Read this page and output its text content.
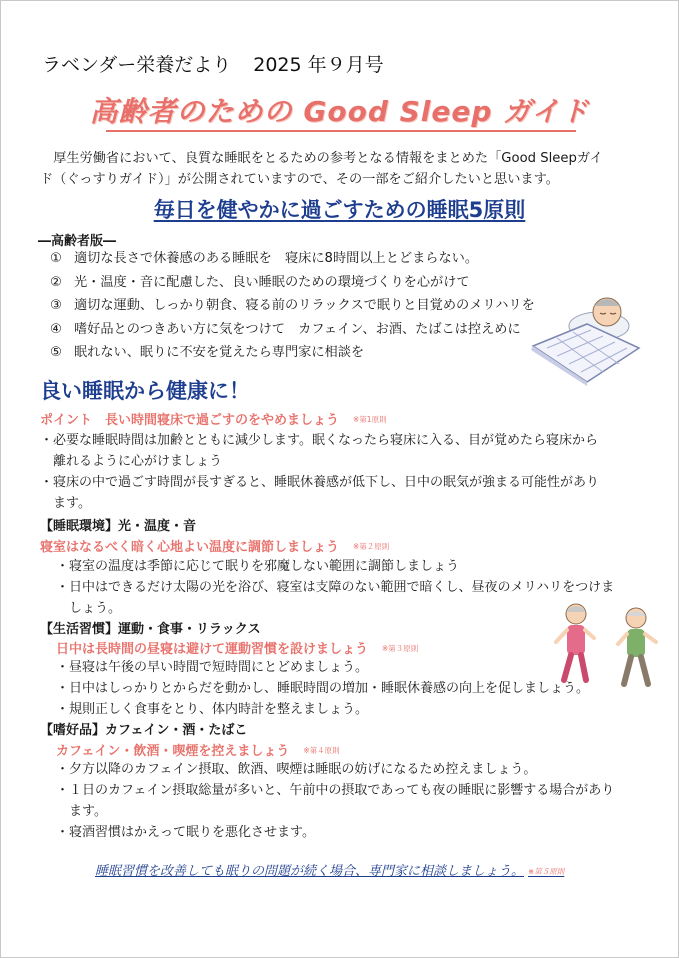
ラベンダー栄養だより 2025 年９月号
高齢者のための Good Sleep ガイド

厚生労働省において、良質な睡眠をとるための参考となる情報をまとめた「Good Sleepガイ

ド（ぐっすりガイド）」が公開されていますので、その一部をご紹介したいと思います。
毎日を健やかに過ごすための睡眠5原則
―高齢者版―
① 適切な長さで休養感のある睡眠を　寝床に8時間以上とどまらない。
② 光・温度・音に配慮した、良い睡眠のための環境づくりを心がけて
③ 適切な運動、しっかり朝食、寝る前のリラックスで眠りと目覚めのメリハリを
④ 嗜好品とのつきあい方に気をつけて　カフェイン、お酒、たばこは控えめに
⑤ 眠れない、眠りに不安を覚えたら専門家に相談を
良い睡眠から健康に！
ポイント　長い時間寝床で過ごすのをやめましょう ※第1原則
・必要な睡眠時間は加齢とともに減少します。眠くなったら寝床に入る、目が覚めたら寝床から
　離れるように心がけましょう
・寝床の中で過ごす時間が長すぎると、睡眠休養感が低下し、日中の眠気が強まる可能性があり
　ます。
【睡眠環境】光・温度・音
寝室はなるべく暗く心地よい温度に調節しましょう ※第２原則
・寝室の温度は季節に応じて眠りを邪魔しない範囲に調節しましょう
・日中はできるだけ太陽の光を浴び、寝室は支障のない範囲で暗くし、昼夜のメリハリをつけま
　しょう。
【生活習慣】運動・食事・リラックス
日中は長時間の昼寝は避けて運動習慣を設けましょう ※第３原則
・昼寝は午後の早い時間で短時間にとどめましょう。
・日中はしっかりとからだを動かし、睡眠時間の増加・睡眠休養感の向上を促しましょう。
・規則正しく食事をとり、体内時計を整えましょう。
【嗜好品】カフェイン・酒・たばこ
カフェイン・飲酒・喫煙を控えましょう ※第４原則
・夕方以降のカフェイン摂取、飲酒、喫煙は睡眠の妨げになるため控えましょう。
・１日のカフェイン摂取総量が多いと、午前中の摂取であっても夜の睡眠に影響する場合があり
　ます。
・寝酒習慣はかえって眠りを悪化させます。
睡眠習慣を改善しても眠りの問題が続く場合、専門家に相談しましょう。 ※第５原則
